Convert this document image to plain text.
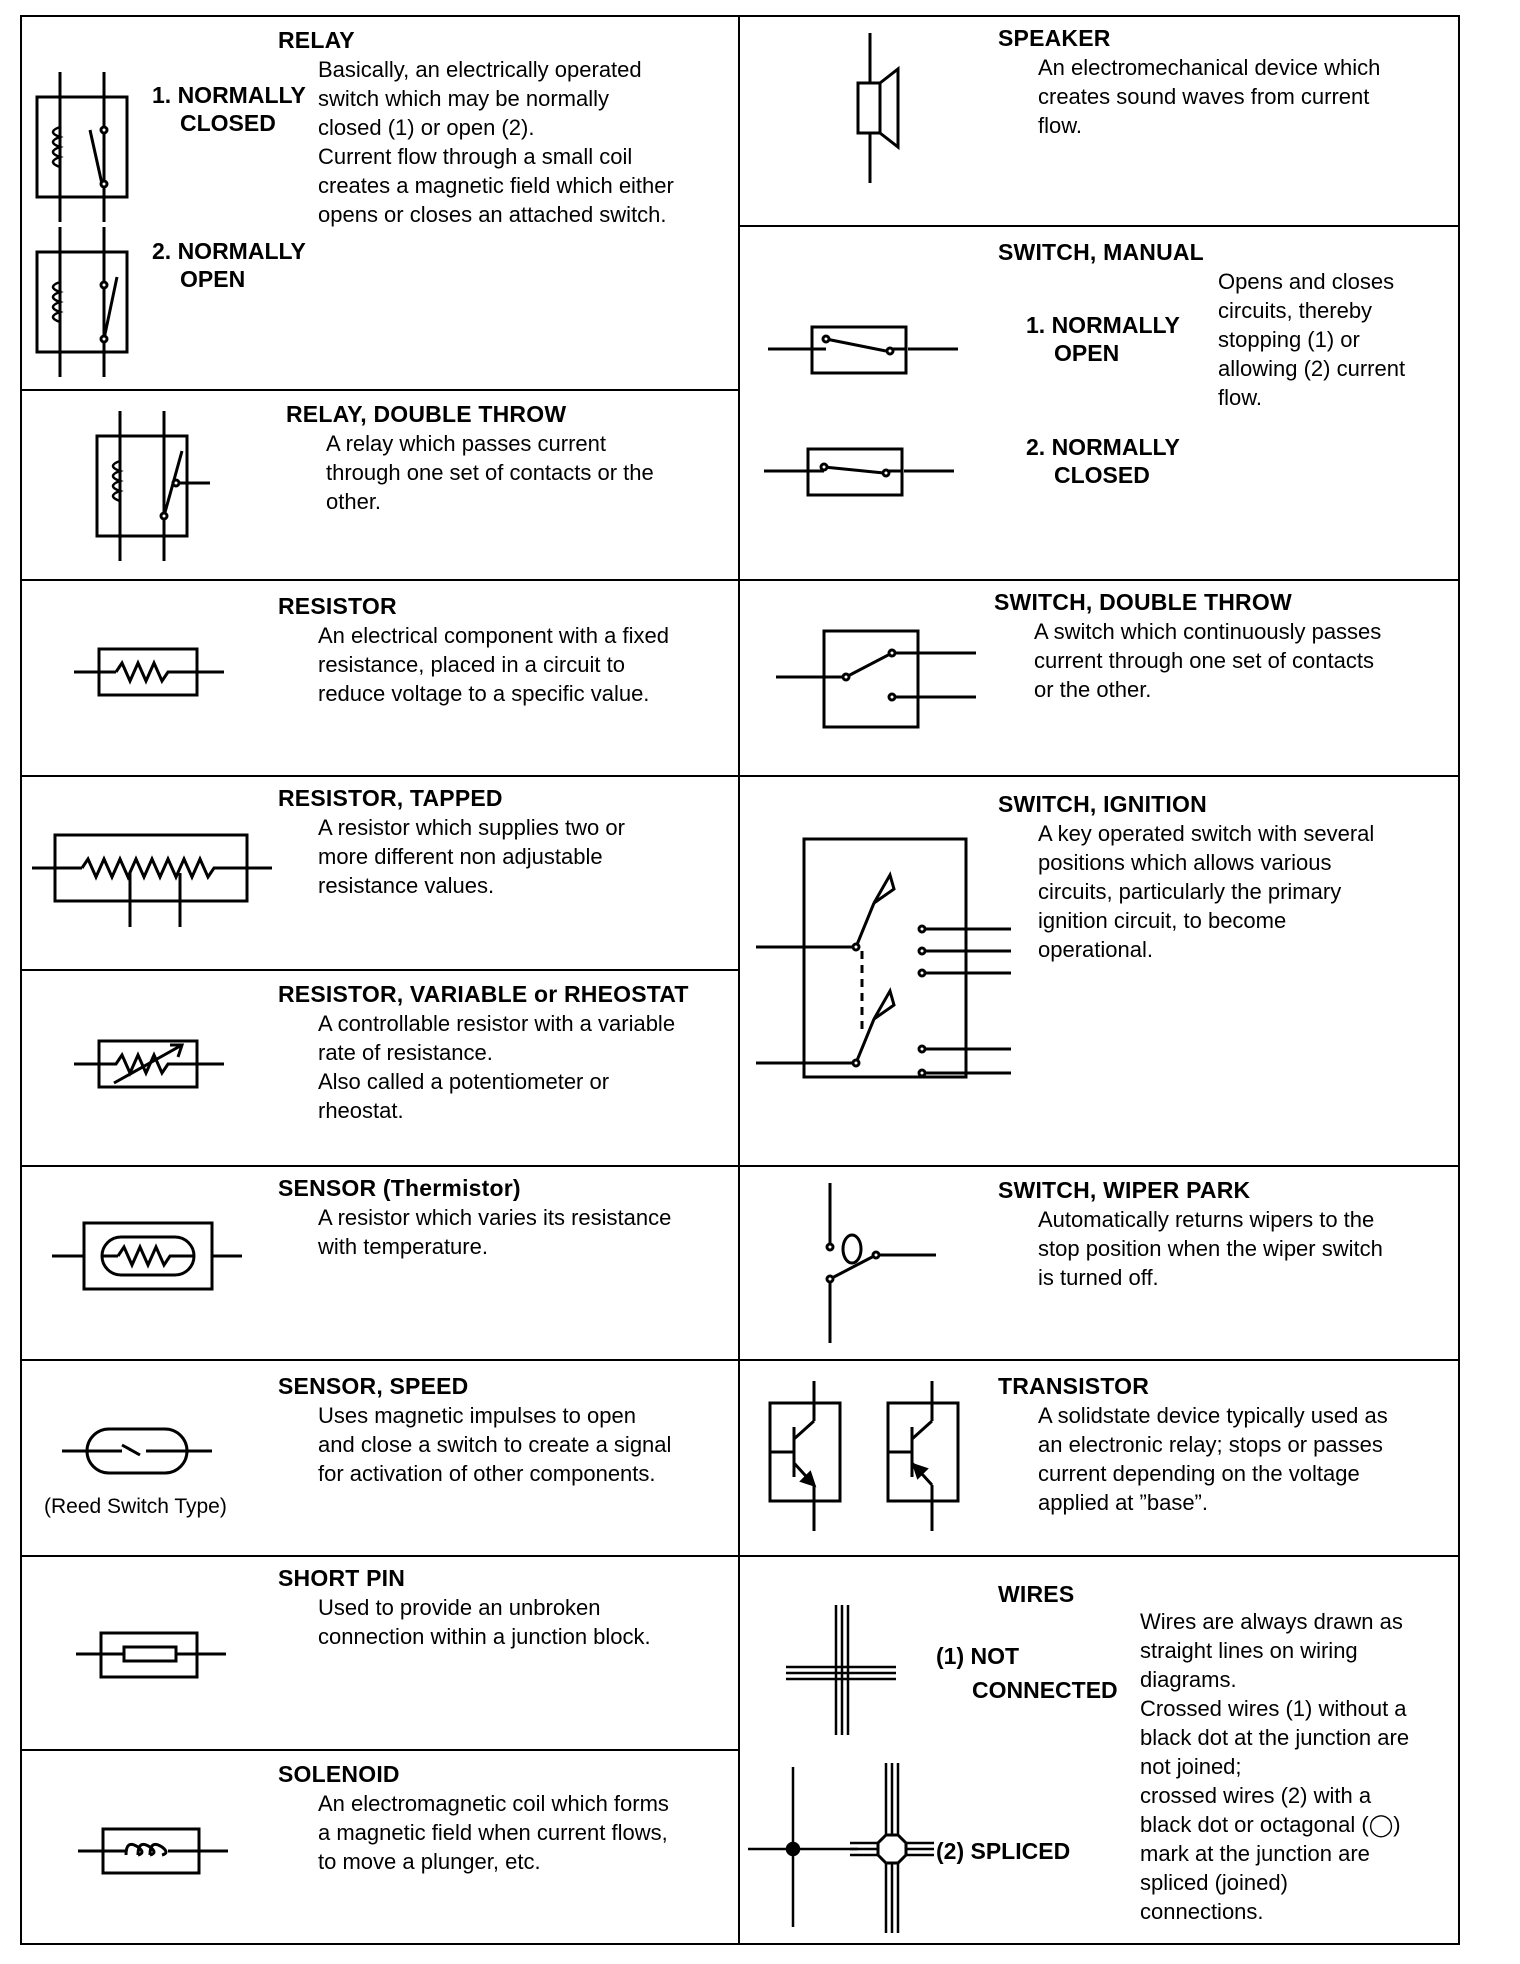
RELAY
Basically, an electrically operated
switch which may be normally
closed (1) or open (2).
Current flow through a small coil
creates a magnetic field which either
opens or closes an attached switch.
1. NORMALLY
CLOSED
2. NORMALLY
OPEN
RELAY, DOUBLE THROW
A relay which passes current
through one set of contacts or the
other.
RESISTOR
An electrical component with a fixed
resistance, placed in a circuit to
reduce voltage to a specific value.
RESISTOR, TAPPED
A resistor which supplies two or
more different non adjustable
resistance values.
RESISTOR, VARIABLE or RHEOSTAT
A controllable resistor with a variable
rate of resistance.
Also called a potentiometer or
rheostat.
SENSOR (Thermistor)
A resistor which varies its resistance
with temperature.
SENSOR, SPEED
Uses magnetic impulses to open
and close a switch to create a signal
for activation of other components.
(Reed Switch Type)
SHORT PIN
Used to provide an unbroken
connection within a junction block.
SOLENOID
An electromagnetic coil which forms
a magnetic field when current flows,
to move a plunger, etc.
SPEAKER
An electromechanical device which
creates sound waves from current
flow.
SWITCH, MANUAL
Opens and closes
circuits, thereby
stopping (1) or
allowing (2) current
flow.
1. NORMALLY
OPEN
2. NORMALLY
CLOSED
SWITCH, DOUBLE THROW
A switch which continuously passes
current through one set of contacts
or the other.
SWITCH, IGNITION
A key operated switch with several
positions which allows various
circuits, particularly the primary
ignition circuit, to become
operational.
SWITCH, WIPER PARK
Automatically returns wipers to the
stop position when the wiper switch
is turned off.
TRANSISTOR
A solidstate device typically used as
an electronic relay; stops or passes
current depending on the voltage
applied at ”base”.
WIRES
Wires are always drawn as
straight lines on wiring
diagrams.
Crossed wires (1) without a
black dot at the junction are
not joined;
crossed wires (2) with a
black dot or octagonal (◯)
mark at the junction are
spliced (joined)
connections.
(1) NOT
CONNECTED
(2) SPLICED
